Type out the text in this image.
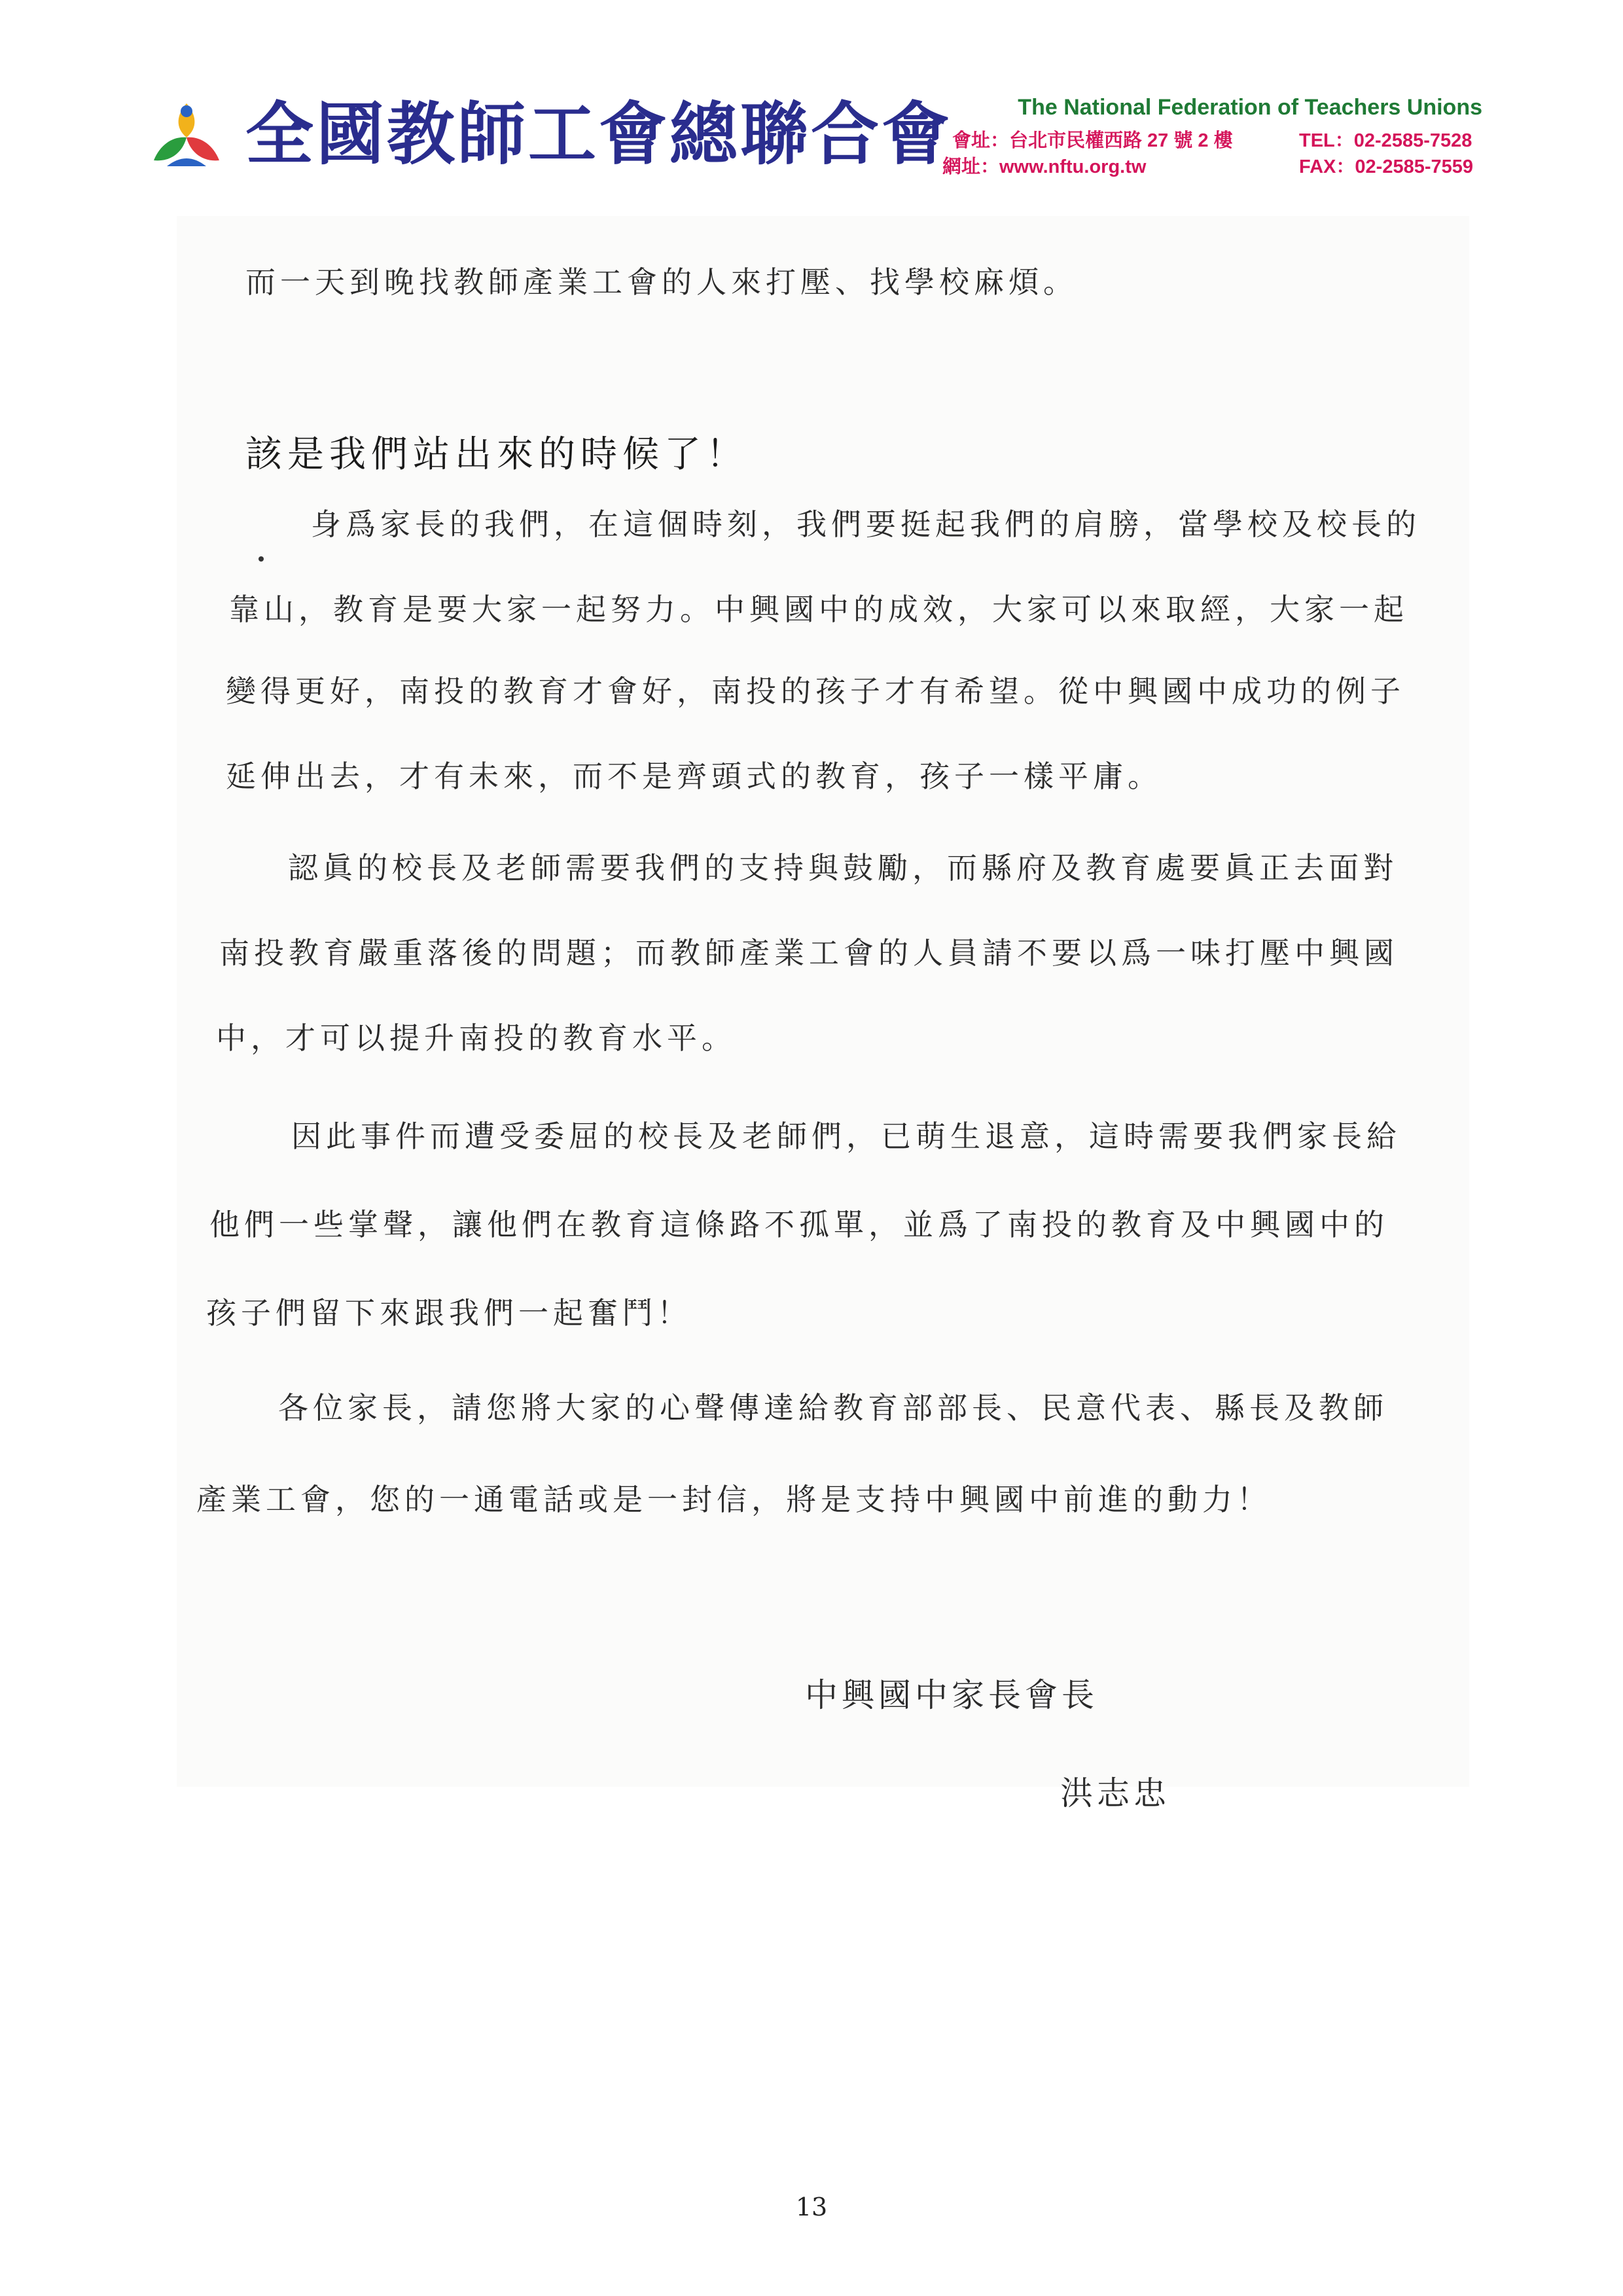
全國教師工會總聯合會	The National Federation of Teachers Unions
會址：台北市民權西路 27 號 2 樓	TEL：02-2585-7528
網址：www.nftu.org.tw	FAX：02-2585-7559
而一天到晚找教師產業工會的人來打壓、找學校麻煩。
該是我們站出來的時候了！
身爲家長的我們，在這個時刻，我們要挺起我們的肩膀，當學校及校長的
靠山，教育是要大家一起努力。中興國中的成效，大家可以來取經，大家一起
變得更好，南投的教育才會好，南投的孩子才有希望。從中興國中成功的例子
延伸出去，才有未來，而不是齊頭式的教育，孩子一樣平庸。
認眞的校長及老師需要我們的支持與鼓勵，而縣府及教育處要眞正去面對
南投教育嚴重落後的問題；而教師產業工會的人員請不要以爲一味打壓中興國
中，才可以提升南投的教育水平。
因此事件而遭受委屈的校長及老師們，已萌生退意，這時需要我們家長給
他們一些掌聲，讓他們在教育這條路不孤單，並爲了南投的教育及中興國中的
孩子們留下來跟我們一起奮鬥！
各位家長，請您將大家的心聲傳達給教育部部長、民意代表、縣長及教師
產業工會，您的一通電話或是一封信，將是支持中興國中前進的動力！
中興國中家長會長
洪志忠
13
